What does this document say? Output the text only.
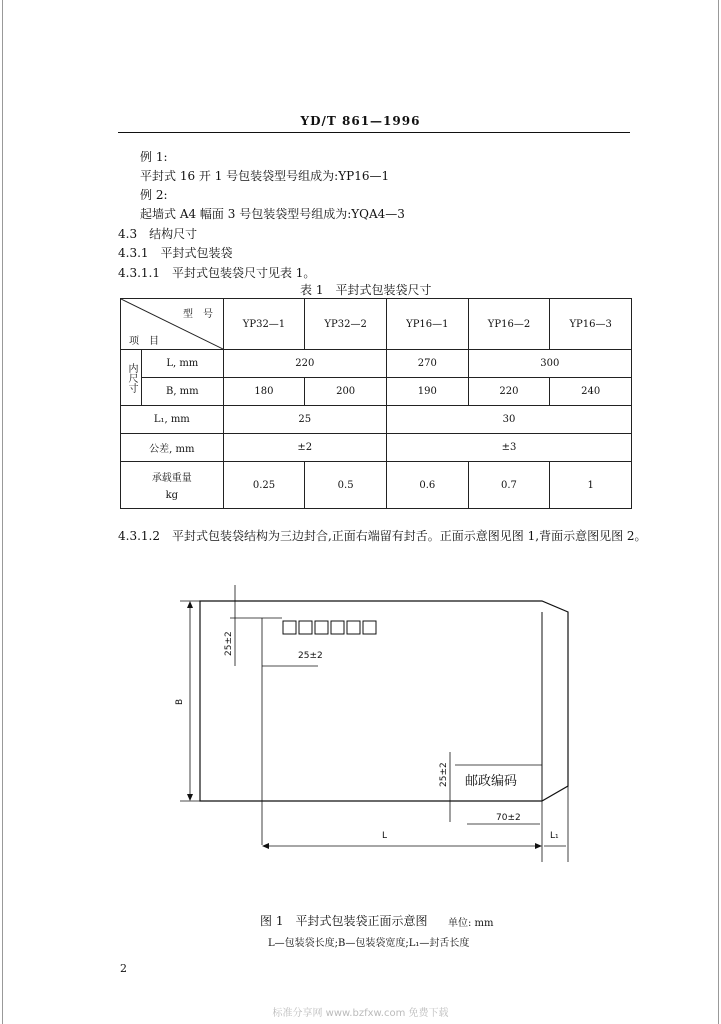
YD/T 861—1996
例 1:
平封式 16 开 1 号包装袋型号组成为:YP16—1
例 2:
起墙式 A4 幅面 3 号包装袋型号组成为:YQA4—3
4.3　结构尺寸
4.3.1　平封式包装袋
4.3.1.1　平封式包装袋尺寸见表 1。
表 1　平封式包装袋尺寸
型　号
项　目		YP32—1	YP32—2	YP16—1	YP16—2	YP16—3

内尺寸	L, mm	220		270	300	
	B, mm	180	200	190	220	240
L₁, mm		25		30		
公差, mm		±2		±3		

承载重量
kg		0.25	0.5	0.6	0.7	1
4.3.1.2　平封式包装袋结构为三边封合,正面右端留有封舌。正面示意图见图 1,背面示意图见图 2。
B
25±2	25±2
25±2 邮政编码
70±2
L	L₁
图 1　平封式包装袋正面示意图 单位: mm
L—包装袋长度;B—包装袋宽度;L₁—封舌长度
2
标准分享网 www.bzfxw.com 免费下载
